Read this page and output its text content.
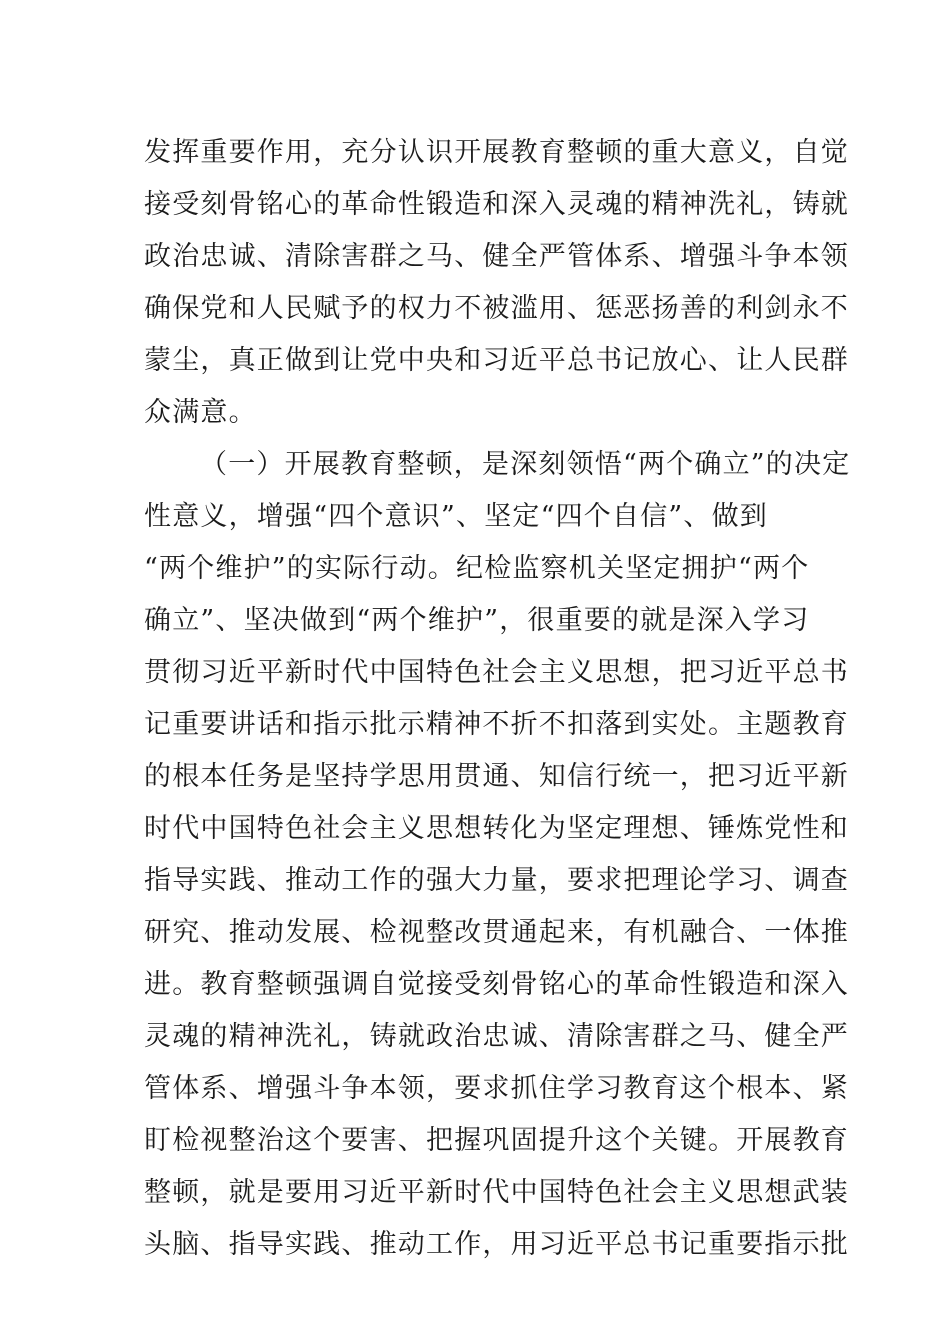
发挥重要作用，充分认识开展教育整顿的重大意义，自觉
接受刻骨铭心的革命性锻造和深入灵魂的精神洗礼，铸就
政治忠诚、清除害群之马、健全严管体系、增强斗争本领
确保党和人民赋予的权力不被滥用、惩恶扬善的利剑永不
蒙尘，真正做到让党中央和习近平总书记放心、让人民群
众满意。
（一）开展教育整顿，是深刻领悟“两个确立”的决定
性意义，增强“四个意识”、坚定“四个自信”、做到
“两个维护”的实际行动。纪检监察机关坚定拥护“两个
确立”、坚决做到“两个维护”，很重要的就是深入学习
贯彻习近平新时代中国特色社会主义思想，把习近平总书
记重要讲话和指示批示精神不折不扣落到实处。主题教育
的根本任务是坚持学思用贯通、知信行统一，把习近平新
时代中国特色社会主义思想转化为坚定理想、锤炼党性和
指导实践、推动工作的强大力量，要求把理论学习、调查
研究、推动发展、检视整改贯通起来，有机融合、一体推
进。教育整顿强调自觉接受刻骨铭心的革命性锻造和深入
灵魂的精神洗礼，铸就政治忠诚、清除害群之马、健全严
管体系、增强斗争本领，要求抓住学习教育这个根本、紧
盯检视整治这个要害、把握巩固提升这个关键。开展教育
整顿，就是要用习近平新时代中国特色社会主义思想武装
头脑、指导实践、推动工作，用习近平总书记重要指示批
